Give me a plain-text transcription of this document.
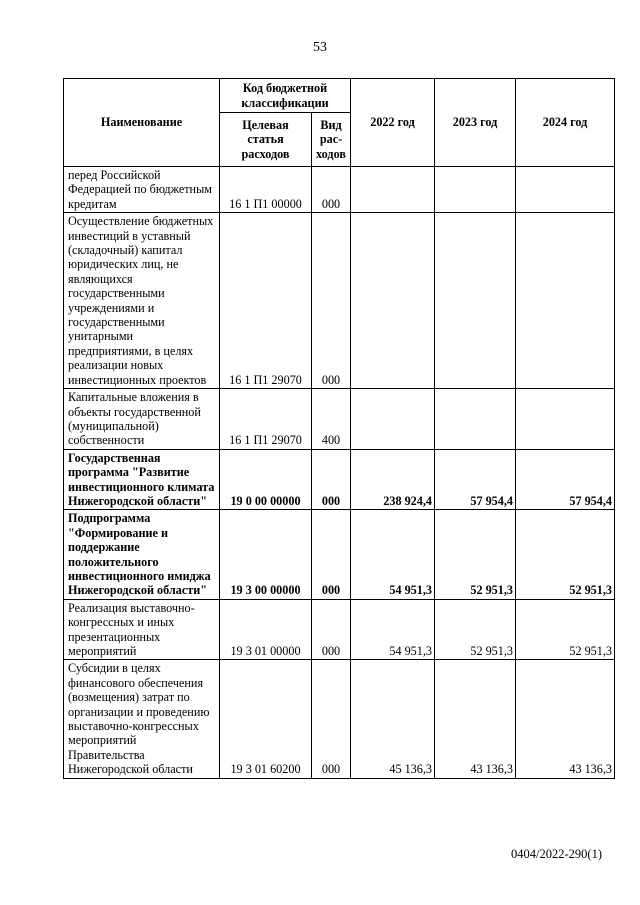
53
Наименование	Код бюджетной классификации		2022 год	2023 год	2024 год
	Целевая статья расходов	Вид рас-ходов			
перед Российской Федерацией по бюджетным кредитам	16 1 П1 00000	000			
Осуществление бюджетных инвестиций в уставный (складочный) капитал юридических лиц, не являющихся государственными учреждениями и государственными унитарными предприятиями, в целях реализации новых инвестиционных проектов	16 1 П1 29070	000			
Капитальные вложения в объекты государственной (муниципальной) собственности	16 1 П1 29070	400			
Государственная программа "Развитие инвестиционного климата Нижегородской области"	19 0 00 00000	000	238 924,4	57 954,4	57 954,4
Подпрограмма "Формирование и поддержание положительного инвестиционного имиджа Нижегородской области"	19 3 00 00000	000	54 951,3	52 951,3	52 951,3
Реализация выставочно-конгрессных и иных презентационных мероприятий	19 3 01 00000	000	54 951,3	52 951,3	52 951,3
Субсидии в целях финансового обеспечения (возмещения) затрат по организации и проведению выставочно-конгрессных мероприятий Правительства Нижегородской области	19 3 01 60200	000	45 136,3	43 136,3	43 136,3
0404/2022-290(1)
